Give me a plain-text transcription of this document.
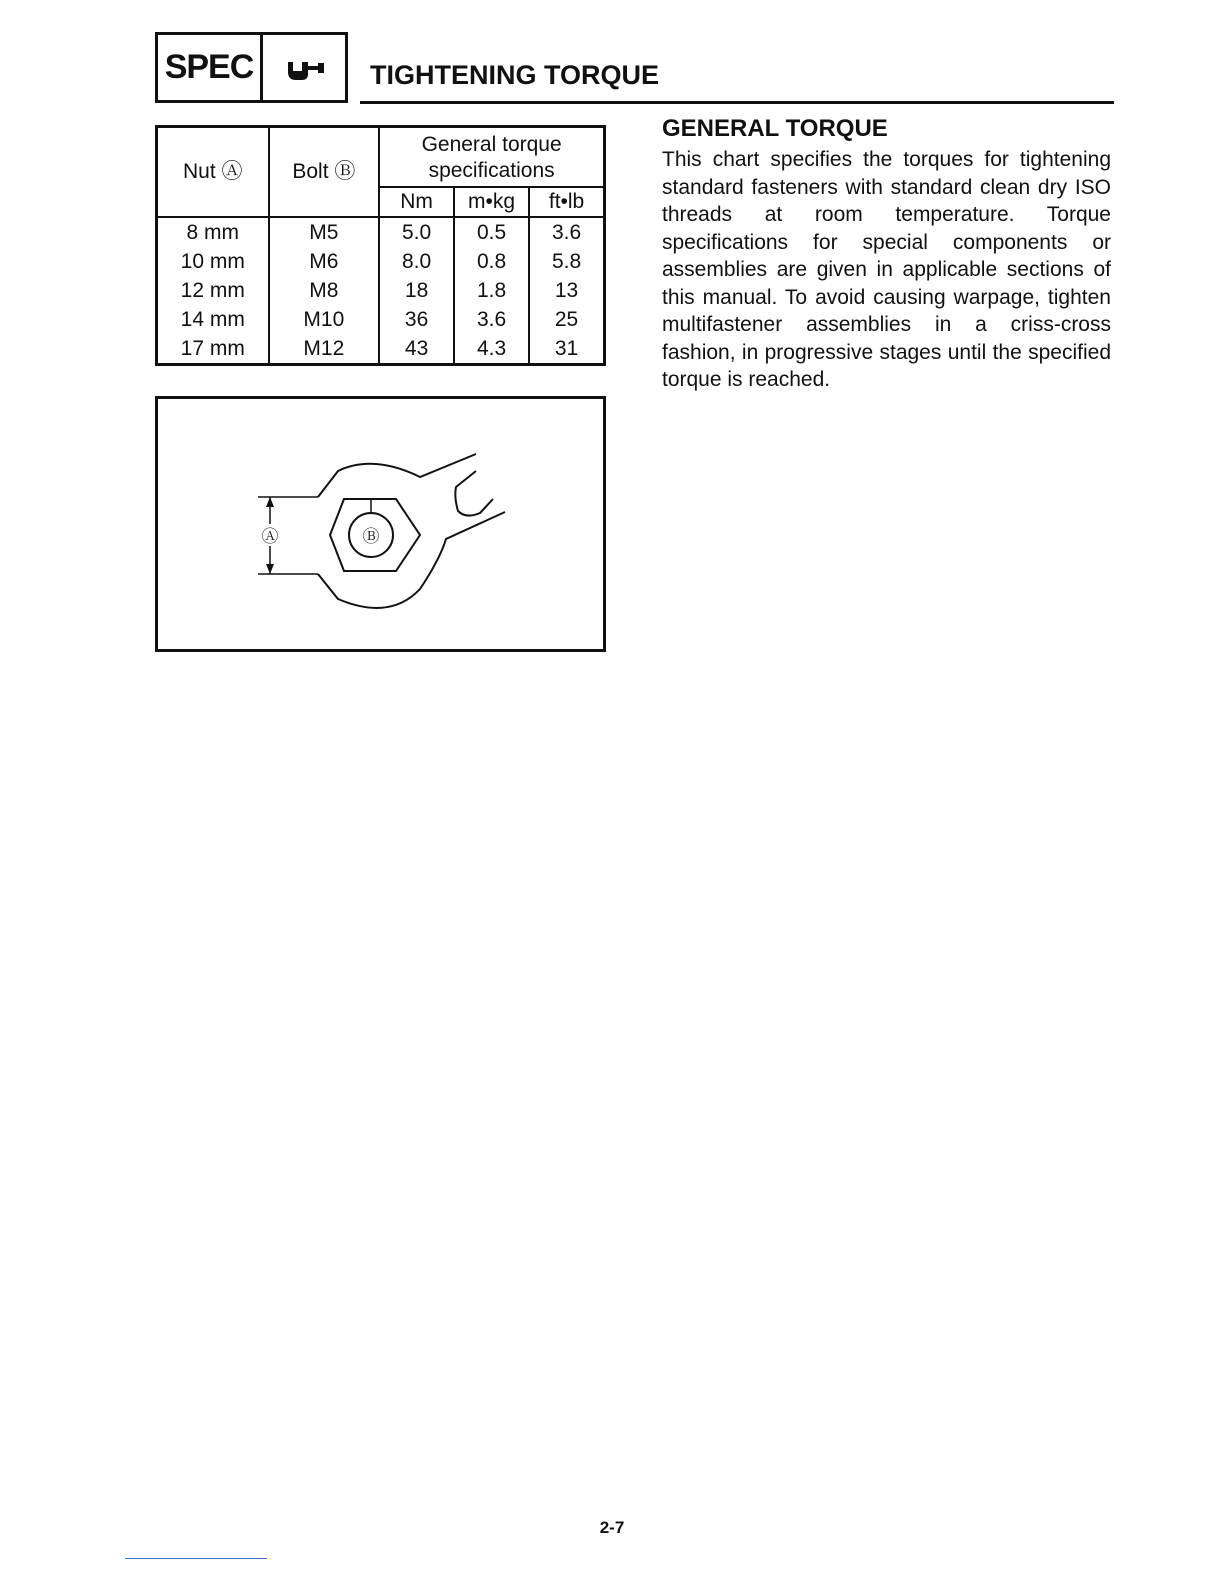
SPEC	TIGHTENING TORQUE
Nut Ⓐ	Bolt Ⓑ	General torque
specifications		

		Nm	m•kg	ft•lb
8 mm	M5	5.0	0.5	3.6
10 mm	M6	8.0	0.8	5.8
12 mm	M8	18	1.8	13
14 mm	M10	36	3.6	25
17 mm	M12	43	4.3	31
Ⓐ	Ⓑ
GENERAL TORQUE
This chart specifies the torques for tightening standard fasteners with standard clean dry ISO threads at room temperature. Torque specifications for special components or assemblies are given in applicable sections of this manual. To avoid causing warpage, tighten multifastener assemblies in a criss-cross fashion, in progressive stages until the specified torque is reached.
2-7
